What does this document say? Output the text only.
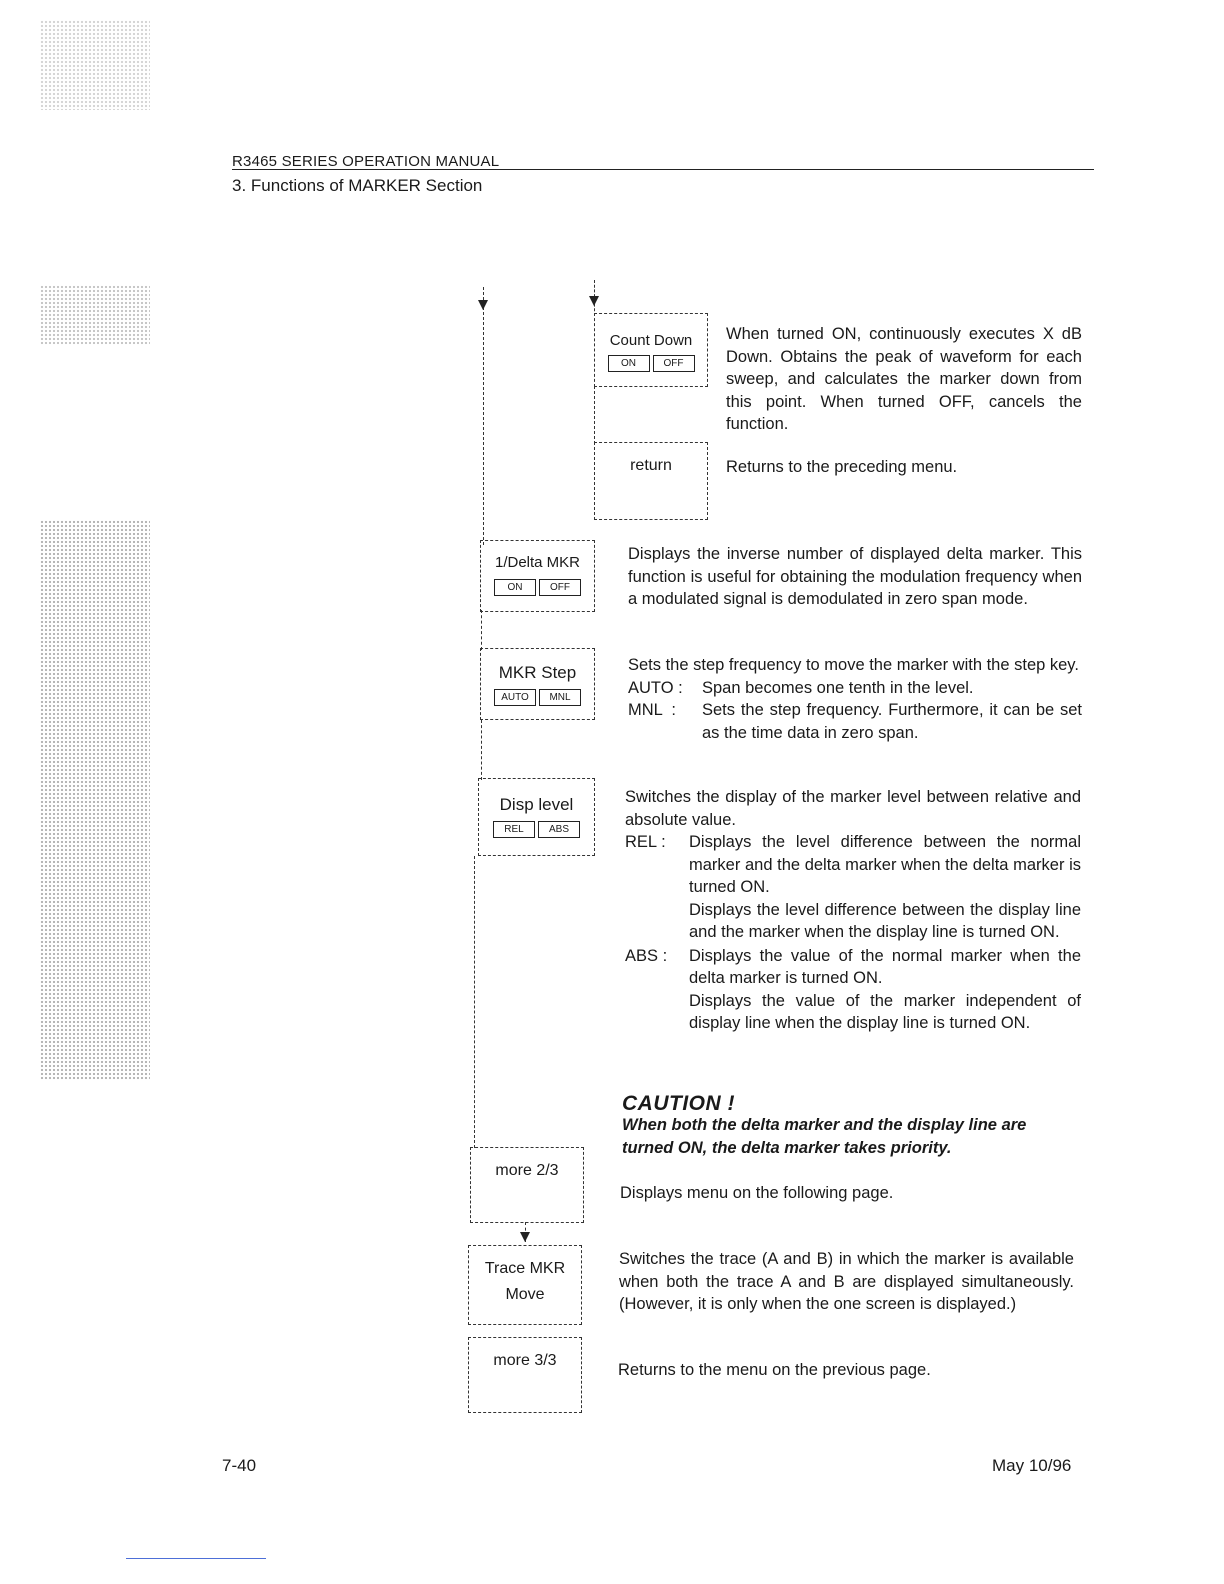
R3465 SERIES OPERATION MANUAL
3. Functions of MARKER Section
Count Down
ON	OFF
return
1/Delta MKR
ON	OFF
MKR Step
AUTO	MNL
Disp level
REL	ABS
more 2/3
Trace MKR
Move
more 3/3

When turned ON, continuously executes X dB Down. Obtains the peak of waveform for each sweep, and calculates the marker down from this point. When turned OFF, cancels the function.

Returns to the preceding menu.

Displays the inverse number of displayed delta marker. This function is useful for obtaining the modulation frequency when a modulated signal is demodulated in zero span mode.

Sets the step frequency to move the marker with the step key.

AUTO :	Span becomes one tenth in the level.
MNL  :	Sets the step frequency. Furthermore, it can be set as the time data in zero span.

Switches the display of the marker level between relative and absolute value.

REL :	Displays the level difference between the normal marker and the delta marker when the delta marker is turned ON.
Displays the level difference between the display line and the marker when the display line is turned ON.
ABS :	Displays the value of the normal marker when the delta marker is turned ON.
Displays the value of the marker independent of display line when the display line is turned ON.
CAUTION !
When both the delta marker and the display line are turned ON, the delta marker takes priority.

Displays menu on the following page.

Switches the trace (A and B) in which the marker is available when both the trace A and B are displayed simultaneously. (However, it is only when the one screen is displayed.)

Returns to the menu on the previous page.

7-40	May 10/96
